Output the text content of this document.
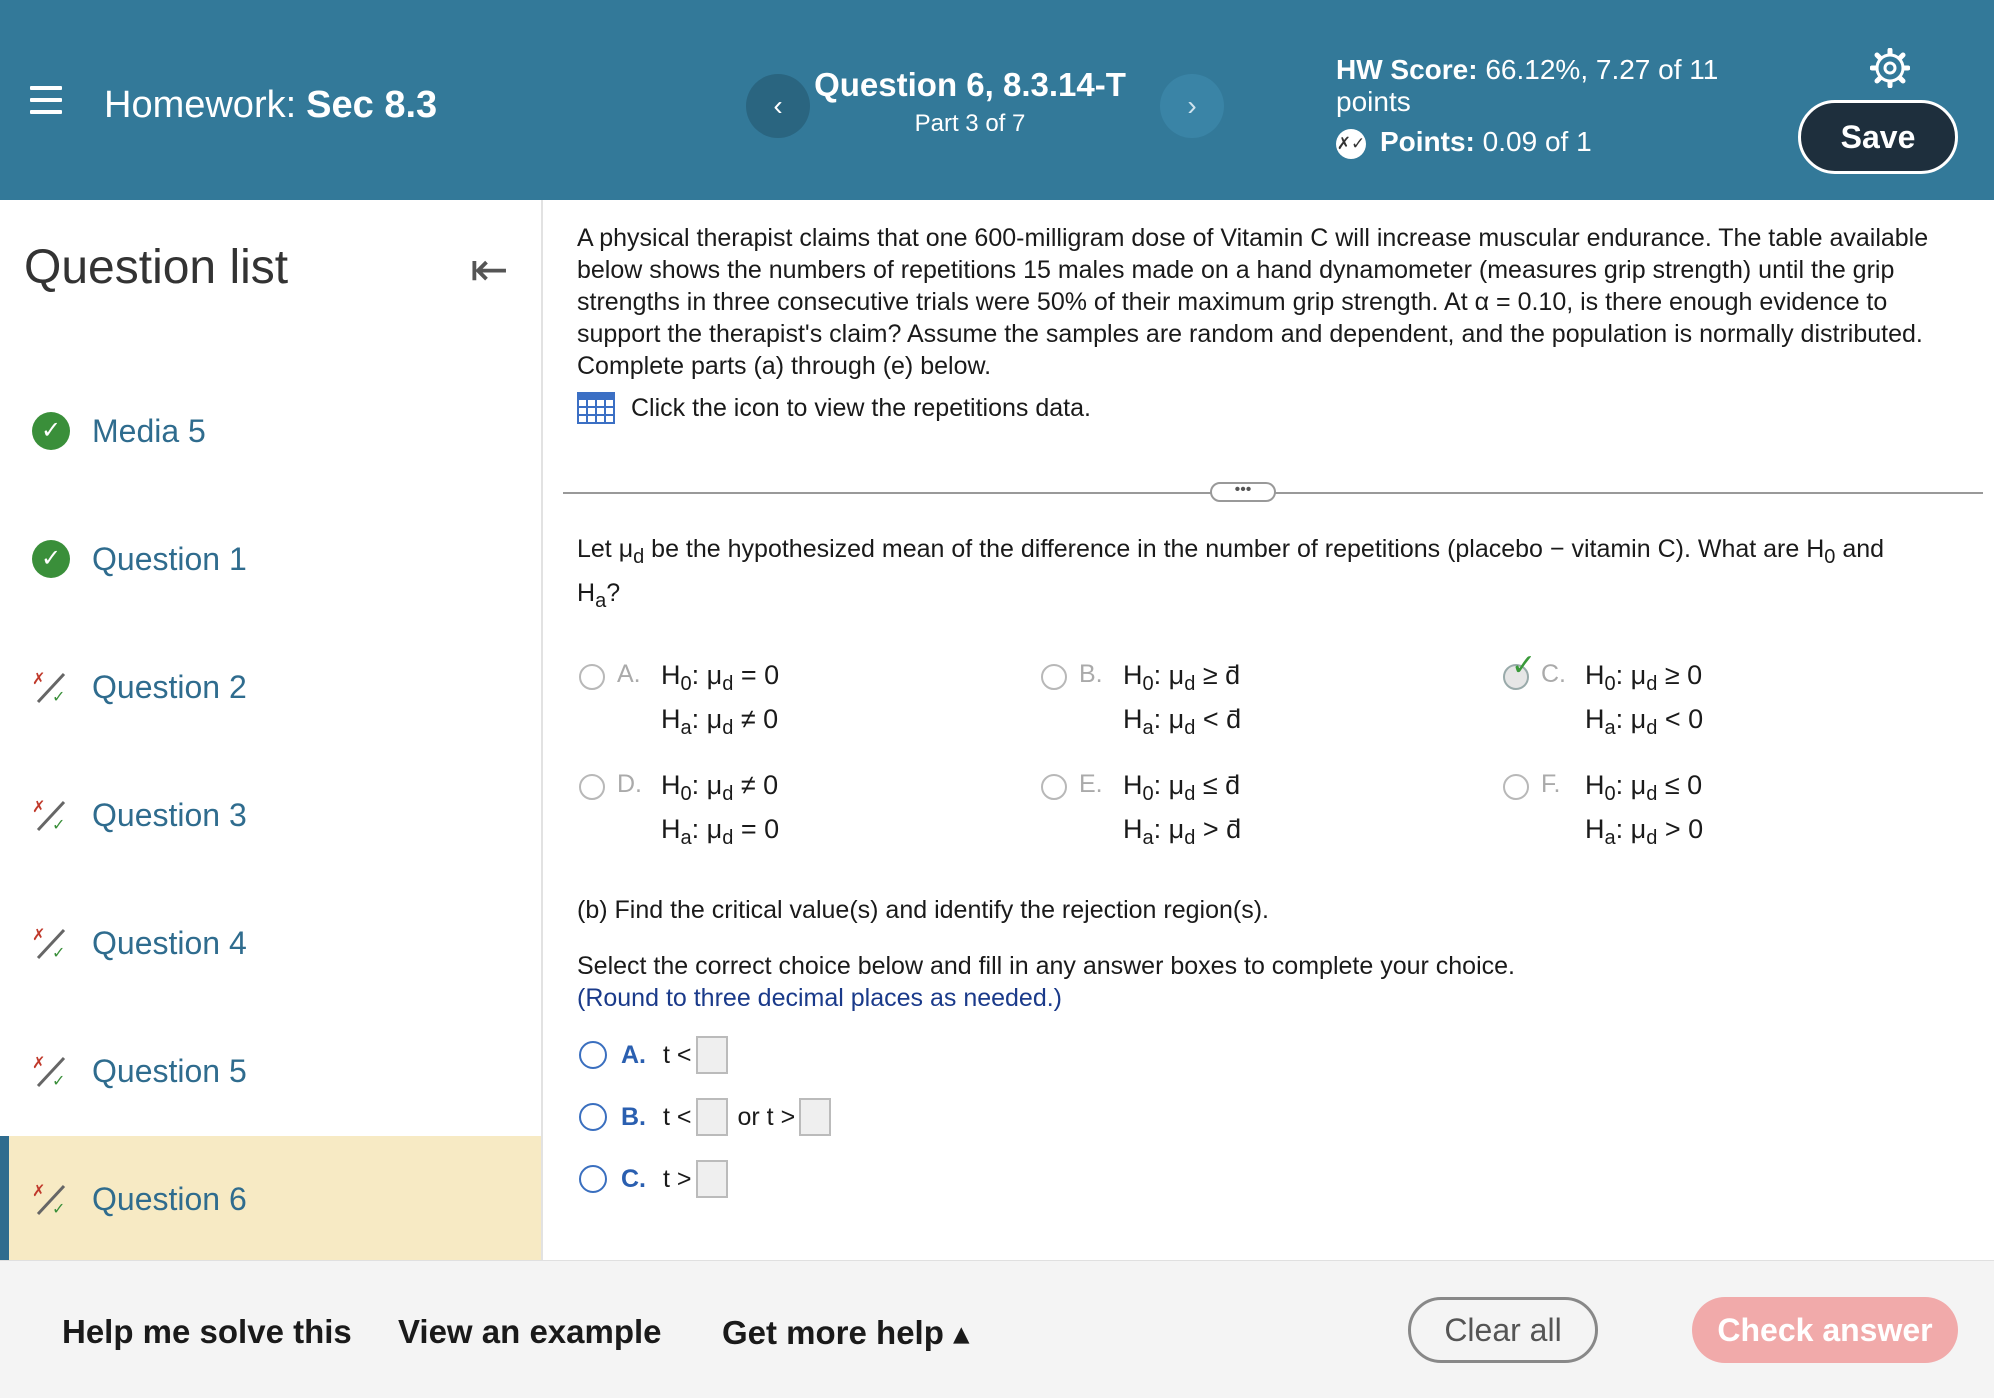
Homework: Sec 8.3	‹
Question 6, 8.3.14-T
Part 3 of 7
›
HW Score: 66.12%, 7.27 of 11
points
✗✓ Points: 0.09 of 1	Save
Question list	⇤
✓ Media 5
✓ Question 1
✗
✓ Question 2
✗
✓ Question 3
✗
✓ Question 4
✗
✓ Question 5
✗
✓ Question 6
A physical therapist claims that one 600-milligram dose of Vitamin C will increase muscular endurance. The table available below shows the numbers of repetitions 15 males made on a hand dynamometer (measures grip strength) until the grip strengths in three consecutive trials were 50% of their maximum grip strength. At α = 0.10, is there enough evidence to support the therapist's claim? Assume the samples are random and dependent, and the population is normally distributed. Complete parts (a) through (e) below.
Click the icon to view the repetitions data.
•••
Let $\mu_d$ be the hypothesized mean of the difference in the number of repetitions (placebo − vitamin C). What are $H_0$ and
$H_a$?
A. $H_0$: $\mu_d = 0$
$H_a$: $\mu_d \ne 0$
B. $H_0$: $\mu_d$ ≥ d̄
$H_a$: $\mu_d$ < d̄
✓ C. $H_0$: $\mu_d \ge 0$
$H_a$: $\mu_d < 0$
D. $H_0$: $\mu_d \ne 0$
$H_a$: $\mu_d = 0$
E. $H_0$: $\mu_d$ ≤ d̄
$H_a$: $\mu_d$ > d̄
F. $H_0$: $\mu_d \le 0$
$H_a$: $\mu_d > 0$
(b) Find the critical value(s) and identify the rejection region(s).
Select the correct choice below and fill in any answer boxes to complete your choice.
(Round to three decimal places as needed.)
A. t <
B. t < or t >
C. t >
Help me solve this View an example Get more help ▴	Clear all	Check answer
